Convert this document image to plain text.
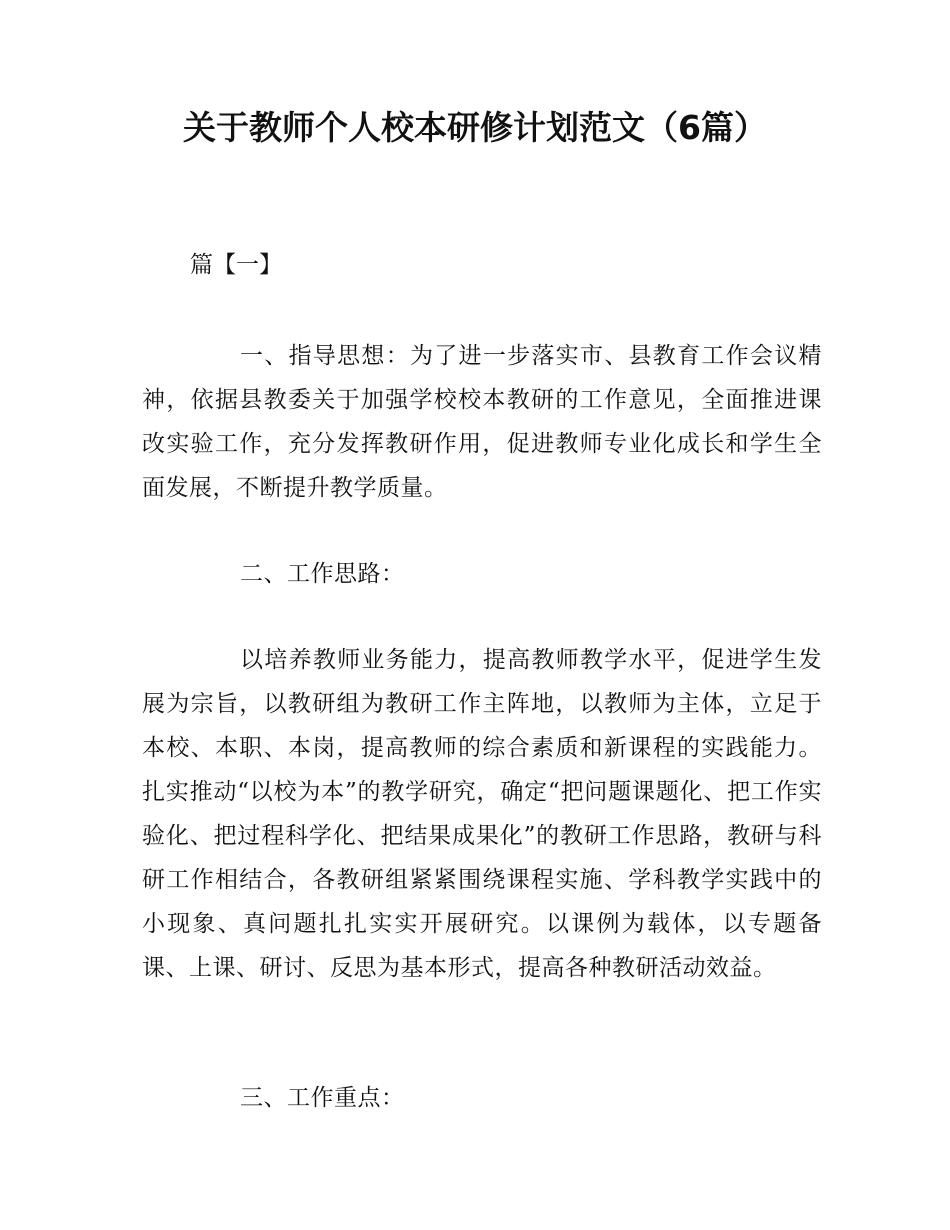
关于教师个人校本研修计划范文（6篇）
篇【一】

一、指导思想：为了进一步落实市、县教育工作会议精神，依据县教委关于加强学校校本教研的工作意见，全面推进课改实验工作，充分发挥教研作用，促进教师专业化成长和学生全面发展，不断提升教学质量。

二、工作思路：

以培养教师业务能力，提高教师教学水平，促进学生发展为宗旨，以教研组为教研工作主阵地，以教师为主体，立足于本校、本职、本岗，提高教师的综合素质和新课程的实践能力。扎实推动“以校为本”的教学研究，确定“把问题课题化、把工作实验化、把过程科学化、把结果成果化”的教研工作思路，教研与科研工作相结合，各教研组紧紧围绕课程实施、学科教学实践中的小现象、真问题扎扎实实开展研究。以课例为载体，以专题备课、上课、研讨、反思为基本形式，提高各种教研活动效益。

三、工作重点：
